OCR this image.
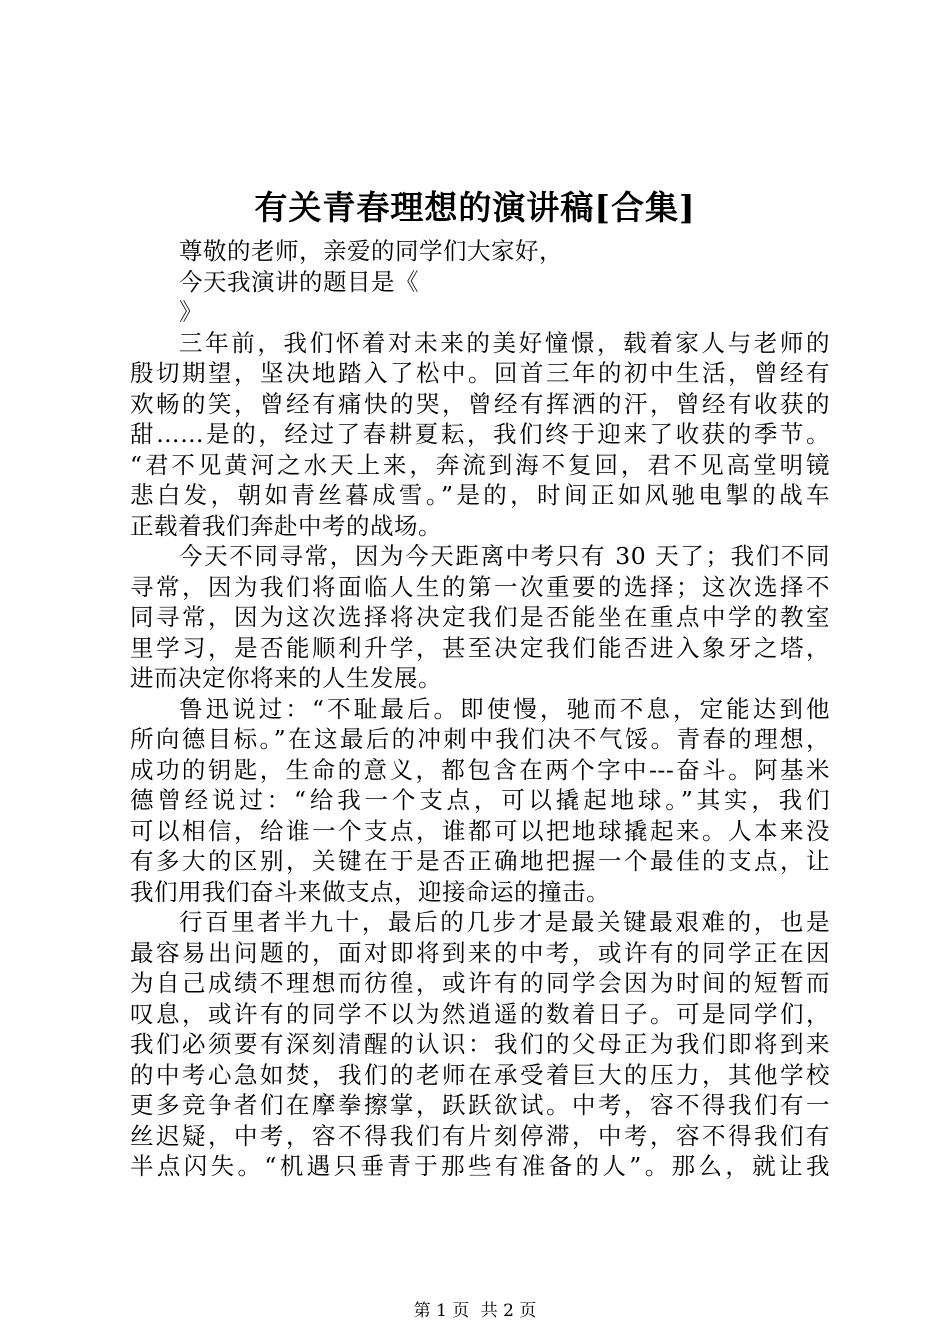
有关青春理想的演讲稿[合集]
尊敬的老师，亲爱的同学们大家好，
今天我演讲的题目是《
》
三年前，我们怀着对未来的美好憧憬，载着家人与老师的
殷切期望，坚决地踏入了松中。回首三年的初中生活，曾经有
欢畅的笑，曾经有痛快的哭，曾经有挥洒的汗，曾经有收获的
甜……是的，经过了春耕夏耘，我们终于迎来了收获的季节。
“君不见黄河之水天上来，奔流到海不复回，君不见高堂明镜
悲白发，朝如青丝暮成雪。”是的，时间正如风驰电掣的战车
正载着我们奔赴中考的战场。
今天不同寻常，因为今天距离中考只有 30 天了；我们不同
寻常，因为我们将面临人生的第一次重要的选择；这次选择不
同寻常，因为这次选择将决定我们是否能坐在重点中学的教室
里学习，是否能顺利升学，甚至决定我们能否进入象牙之塔，
进而决定你将来的人生发展。
鲁迅说过：“不耻最后。即使慢，驰而不息，定能达到他
所向德目标。”在这最后的冲刺中我们决不气馁。青春的理想，
成功的钥匙，生命的意义，都包含在两个字中---奋斗。阿基米
德曾经说过：“给我一个支点，可以撬起地球。”其实，我们
可以相信，给谁一个支点，谁都可以把地球撬起来。人本来没
有多大的区别，关键在于是否正确地把握一个最佳的支点，让
我们用我们奋斗来做支点，迎接命运的撞击。
行百里者半九十，最后的几步才是最关键最艰难的，也是
最容易出问题的，面对即将到来的中考，或许有的同学正在因
为自己成绩不理想而彷徨，或许有的同学会因为时间的短暂而
叹息，或许有的同学不以为然逍遥的数着日子。可是同学们，
我们必须要有深刻清醒的认识：我们的父母正为我们即将到来
的中考心急如焚，我们的老师在承受着巨大的压力，其他学校
更多竞争者们在摩拳擦掌，跃跃欲试。中考，容不得我们有一
丝迟疑，中考，容不得我们有片刻停滞，中考，容不得我们有
半点闪失。“机遇只垂青于那些有准备的人”。那么，就让我
第 1 页 共 2 页
